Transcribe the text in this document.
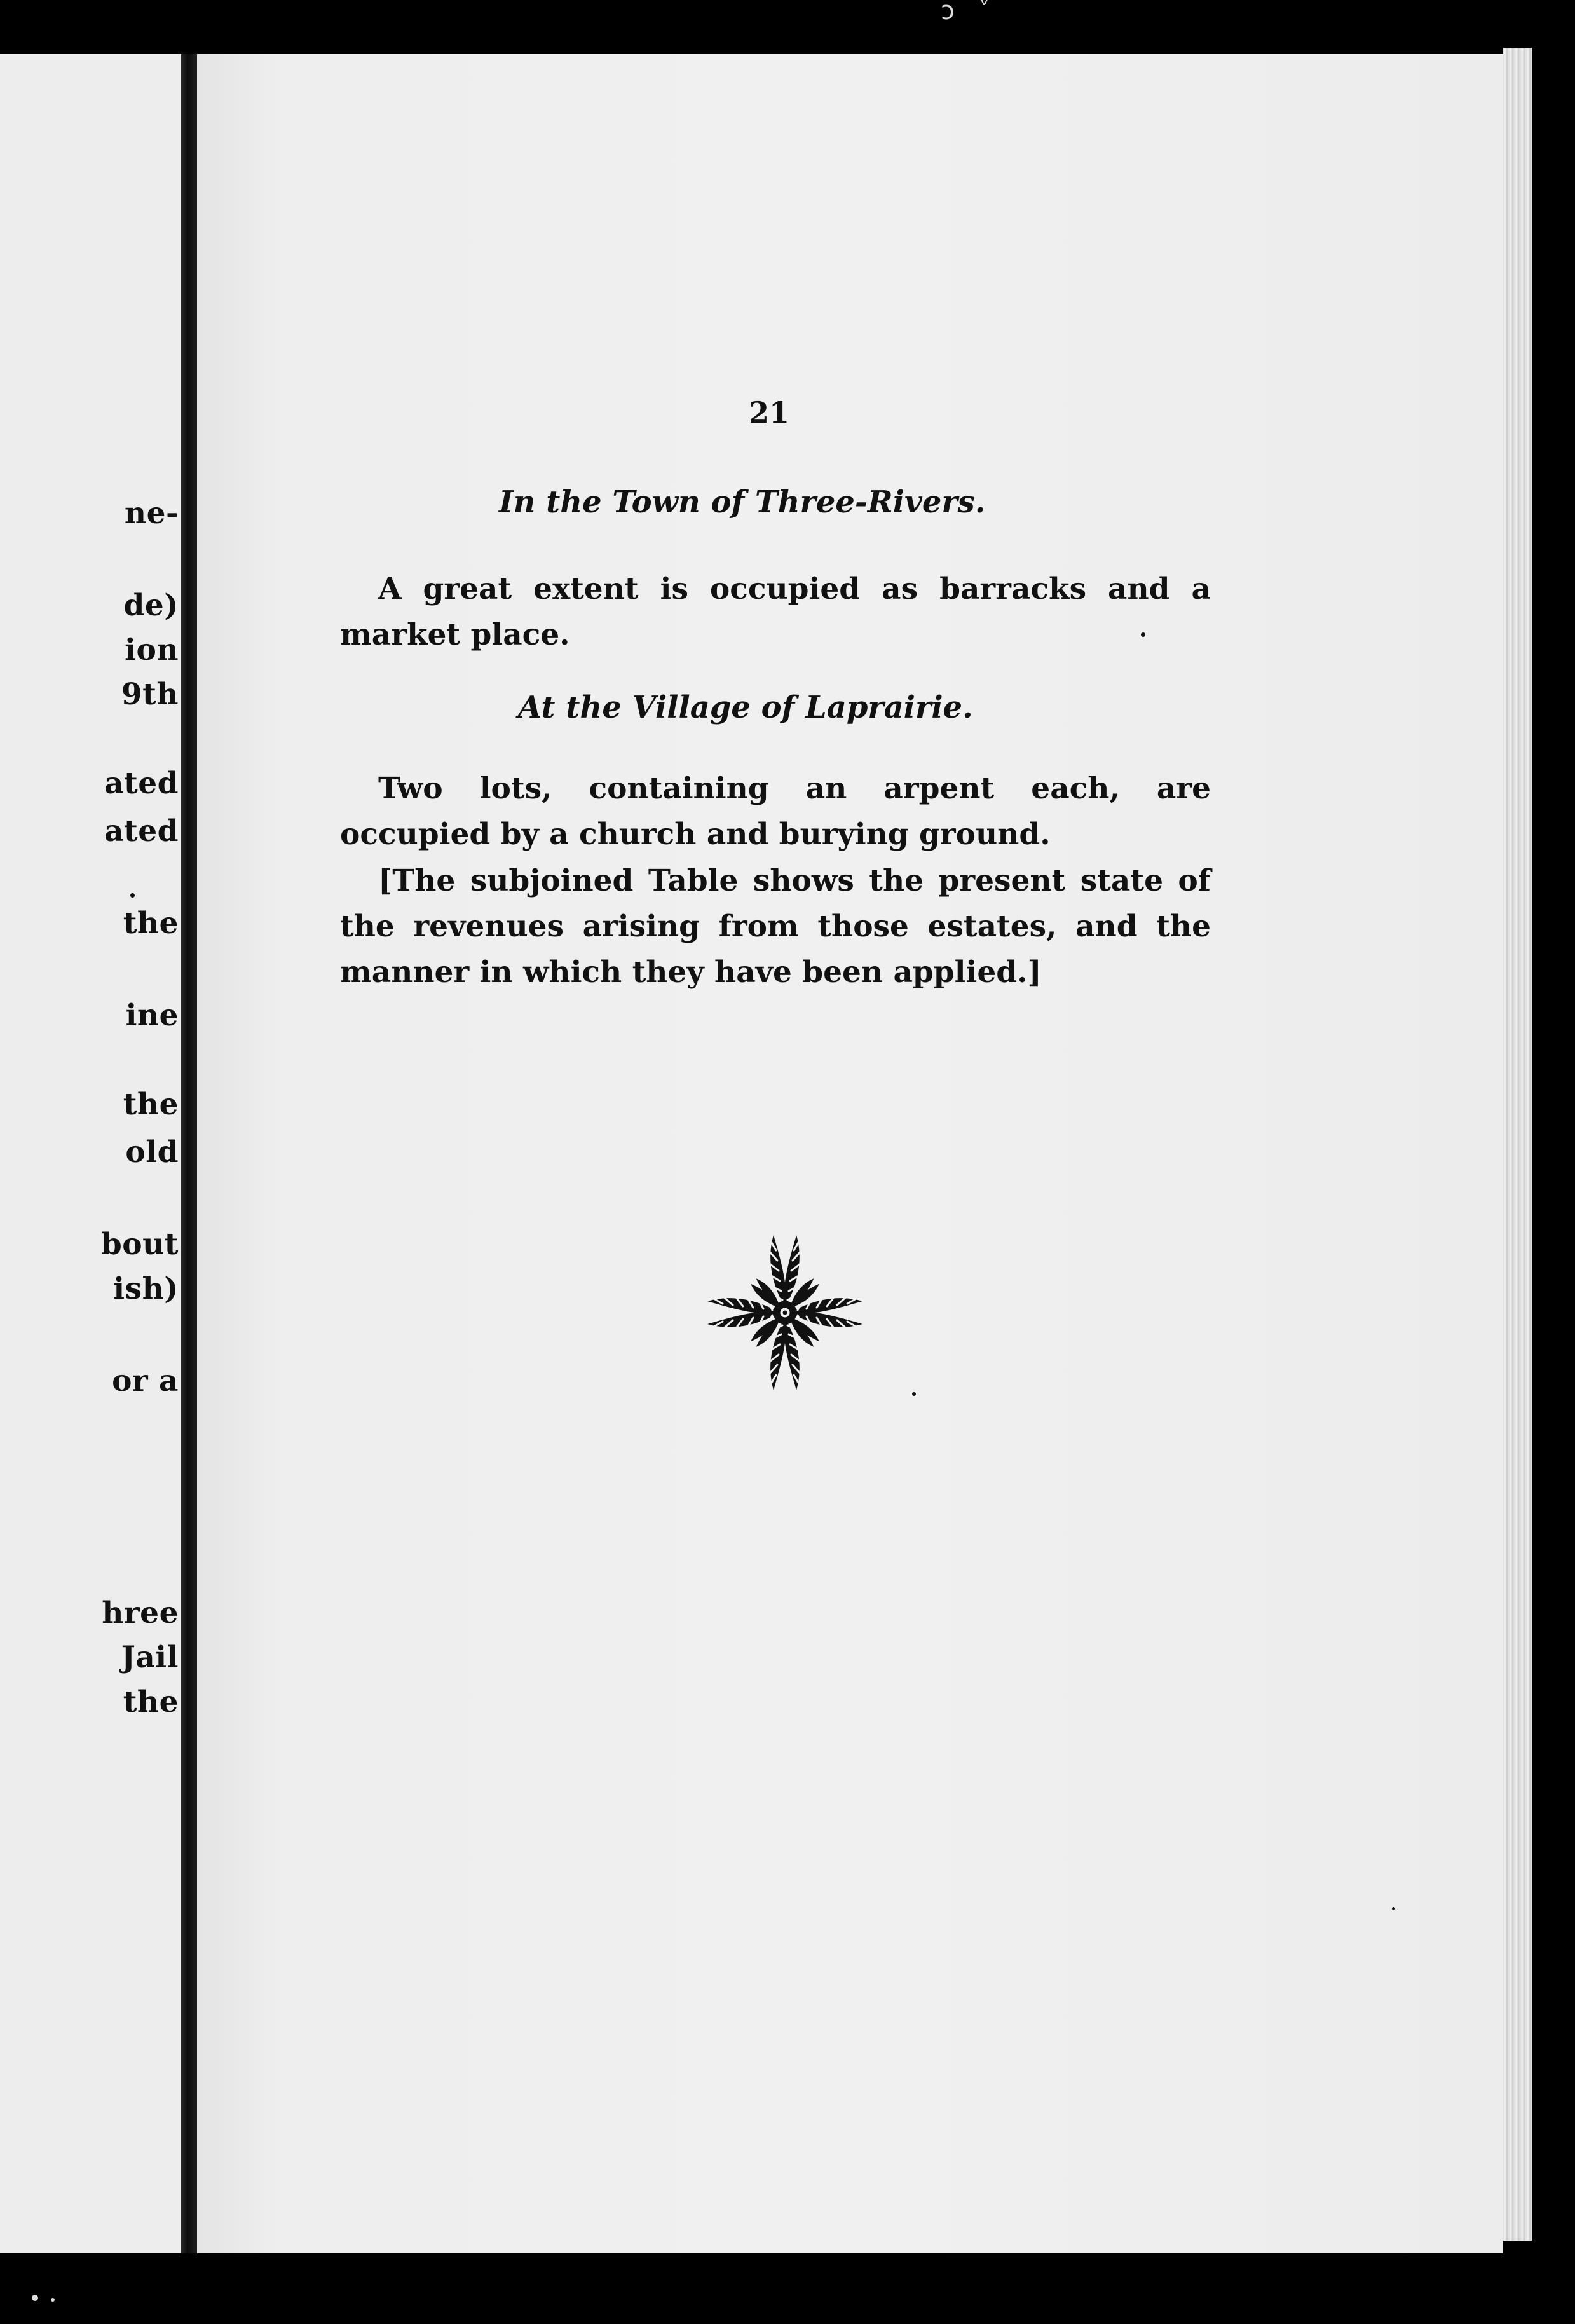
ne-
de)
ion
9th
ated
ated
the
ine
the
old
bout
ish)
or a
hree
Jail
the
21
In the Town of Three-Rivers.
A great extent is occupied as barracks and a market place.
At the Village of Laprairie.
Two lots, containing an arpent each, are occupied by a church and burying ground.
[The subjoined Table shows the present state of the revenues arising from those estates, and the manner in which they have been applied.]
ↄ ˅
